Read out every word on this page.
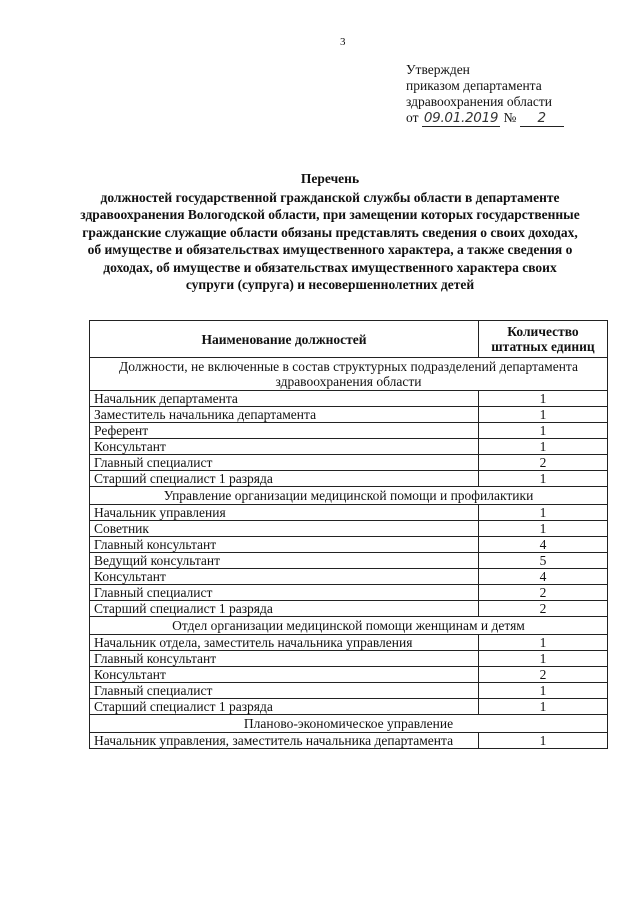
3
Утвержден
приказом департамента
здравоохранения области
от 09.01.2019 № 2
Перечень
должностей государственной гражданской службы области в департаменте здравоохранения Вологодской области, при замещении которых государственные гражданские служащие области обязаны представлять сведения о своих доходах, об имуществе и обязательствах имущественного характера, а также сведения о доходах, об имуществе и обязательствах имущественного характера своих супруги (супруга) и несовершеннолетних детей
Наименование должностей	Количество штатных единиц
Должности, не включенные в состав структурных подразделений департамента здравоохранения области	
Начальник департамента	1
Заместитель начальника департамента	1
Референт	1
Консультант	1
Главный специалист	2
Старший специалист 1 разряда	1
Управление организации медицинской помощи и профилактики	
Начальник управления	1
Советник	1
Главный консультант	4
Ведущий консультант	5
Консультант	4
Главный специалист	2
Старший специалист 1 разряда	2
Отдел организации медицинской помощи женщинам и детям	
Начальник отдела, заместитель начальника управления	1
Главный консультант	1
Консультант	2
Главный специалист	1
Старший специалист 1 разряда	1
Планово-экономическое управление	
Начальник управления, заместитель начальника департамента	1
